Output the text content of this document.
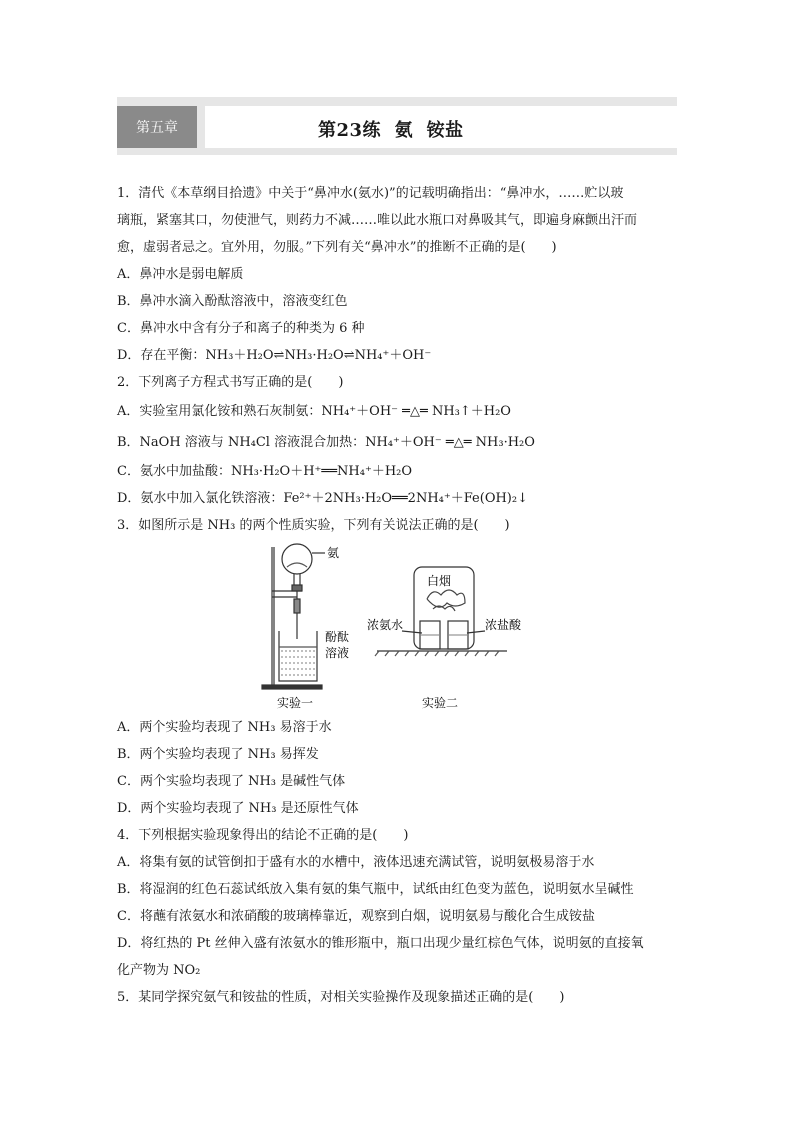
第五章	第23练  氨  铵盐
1．清代《本草纲目拾遗》中关于“鼻冲水(氨水)”的记载明确指出：“鼻冲水，……贮以玻
璃瓶，紧塞其口，勿使泄气，则药力不减……唯以此水瓶口对鼻吸其气，即遍身麻颤出汗而
愈，虚弱者忌之。宜外用，勿服。”下列有关“鼻冲水”的推断不正确的是(　　)
A．鼻冲水是弱电解质
B．鼻冲水滴入酚酞溶液中，溶液变红色
C．鼻冲水中含有分子和离子的种类为 6 种
D．存在平衡：NH₃＋H₂O⇌NH₃·H₂O⇌NH₄⁺＋OH⁻
2．下列离子方程式书写正确的是(　　)
A．实验室用氯化铵和熟石灰制氨：NH₄⁺＋OH⁻ ═△═ NH₃↑＋H₂O
B．NaOH 溶液与 NH₄Cl 溶液混合加热：NH₄⁺＋OH⁻ ═△═ NH₃·H₂O
C．氨水中加盐酸：NH₃·H₂O＋H⁺══NH₄⁺＋H₂O
D．氨水中加入氯化铁溶液：Fe²⁺＋2NH₃·H₂O══2NH₄⁺＋Fe(OH)₂↓
3．如图所示是 NH₃ 的两个性质实验，下列有关说法正确的是(　　)
氨
酚酞
溶液
实验一
白烟
浓氨水	浓盐酸
实验二
A．两个实验均表现了 NH₃ 易溶于水
B．两个实验均表现了 NH₃ 易挥发
C．两个实验均表现了 NH₃ 是碱性气体
D．两个实验均表现了 NH₃ 是还原性气体
4．下列根据实验现象得出的结论不正确的是(　　)
A．将集有氨的试管倒扣于盛有水的水槽中，液体迅速充满试管，说明氨极易溶于水
B．将湿润的红色石蕊试纸放入集有氨的集气瓶中，试纸由红色变为蓝色，说明氨水呈碱性
C．将蘸有浓氨水和浓硝酸的玻璃棒靠近，观察到白烟，说明氨易与酸化合生成铵盐
D．将红热的 Pt 丝伸入盛有浓氨水的锥形瓶中，瓶口出现少量红棕色气体，说明氨的直接氧
化产物为 NO₂
5．某同学探究氨气和铵盐的性质，对相关实验操作及现象描述正确的是(　　)
